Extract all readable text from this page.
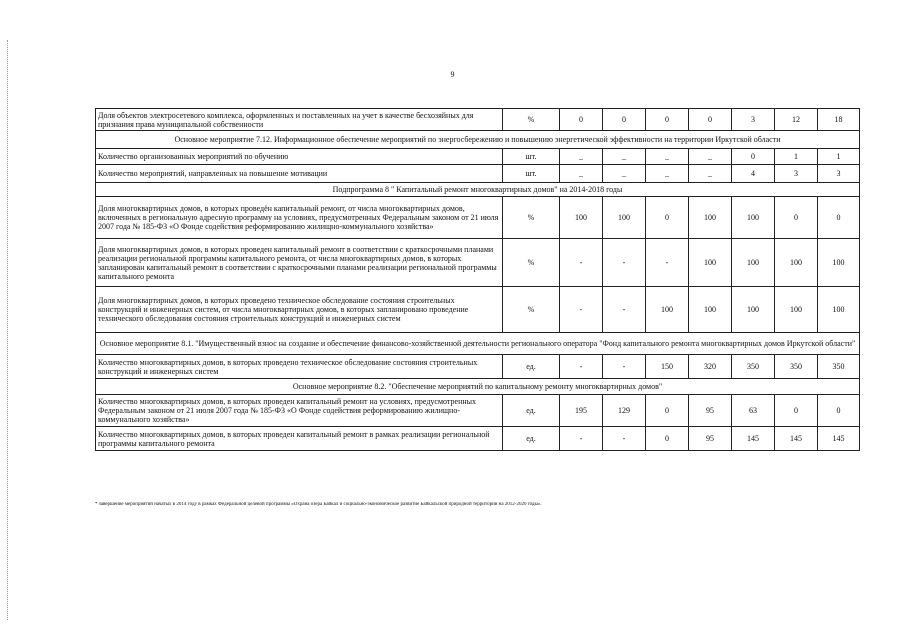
9
Доля объектов электросетевого комплекса, оформленных и поставленных на учет в качестве бесхозяйных для признания права муниципальной собственности	%	0	0	0	0	3	12	18
Основное мероприятие 7.12. Информационное обеспечение мероприятий по энергосбережению и повышению энергетической эффективности на территории Иркутской области								
Количество организованных мероприятий по обучению	шт.	_	_	_	_	0	1	1
Количество мероприятий, направленных на повышение мотивации	шт.	_	_	_	_	4	3	3
Подпрограмма 8 " Капитальный ремонт многоквартирных домов" на 2014-2018 годы								
Доля многоквартирных домов, в которых проведён капитальный ремонт, от числа многоквартирных домов, включенных в региональную адресную программу на условиях, предусмотренных Федеральным законом от 21 июля 2007 года № 185-ФЗ «О Фонде содействия реформированию жилищно-коммунального хозяйства»	%	100	100	0	100	100	0	0
Доля многоквартирных домов, в которых проведен капитальный ремонт в соответствии с краткосрочными планами реализации региональной программы капитального ремонта, от числа многоквартирных домов, в которых запланирован капитальный ремонт в соответствии с краткосрочными планами реализации региональной программы капитального ремонта	%	-	-	-	100	100	100	100
Доля многоквартирных домов, в которых проведено техническое обследование состояния строительных конструкций и инженерных систем, от числа многоквартирных домов, в которых запланировано проведение технического обследования состояния строительных конструкций и инженерных систем	%	-	-	100	100	100	100	100
Основное мероприятие 8.1. "Имущественный взнос на создание и обеспечение финансово-хозяйственной деятельности регионального оператора "Фонд капитального ремонта многоквартирных домов Иркутской области"								
Количество многоквартирных домов, в которых проведено техническое обследование состояния строительных конструкций и инженерных систем	ед.	-	-	150	320	350	350	350
Основное мероприятие 8.2. "Обеспечение мероприятий по капитальному ремонту многоквартирных домов"								
Количество многоквартирных домов, в которых проведен капитальный ремонт на условиях, предусмотренных Федеральным законом от 21 июля 2007 года № 185-ФЗ «О Фонде содействия реформированию жилищно-коммунального хозяйства»	ед.	195	129	0	95	63	0	0
Количество многоквартирных домов, в которых проведен капитальный ремонт в рамках реализации региональной программы капитального ремонта	ед.	-	-	0	95	145	145	145
* завершение мероприятий начатых в 2014 году в рамках Федеральной целевой программы «Охрана озера Байкал и социально-экономическое развитие Байкальской природной территории на 2012-2020 годы».
